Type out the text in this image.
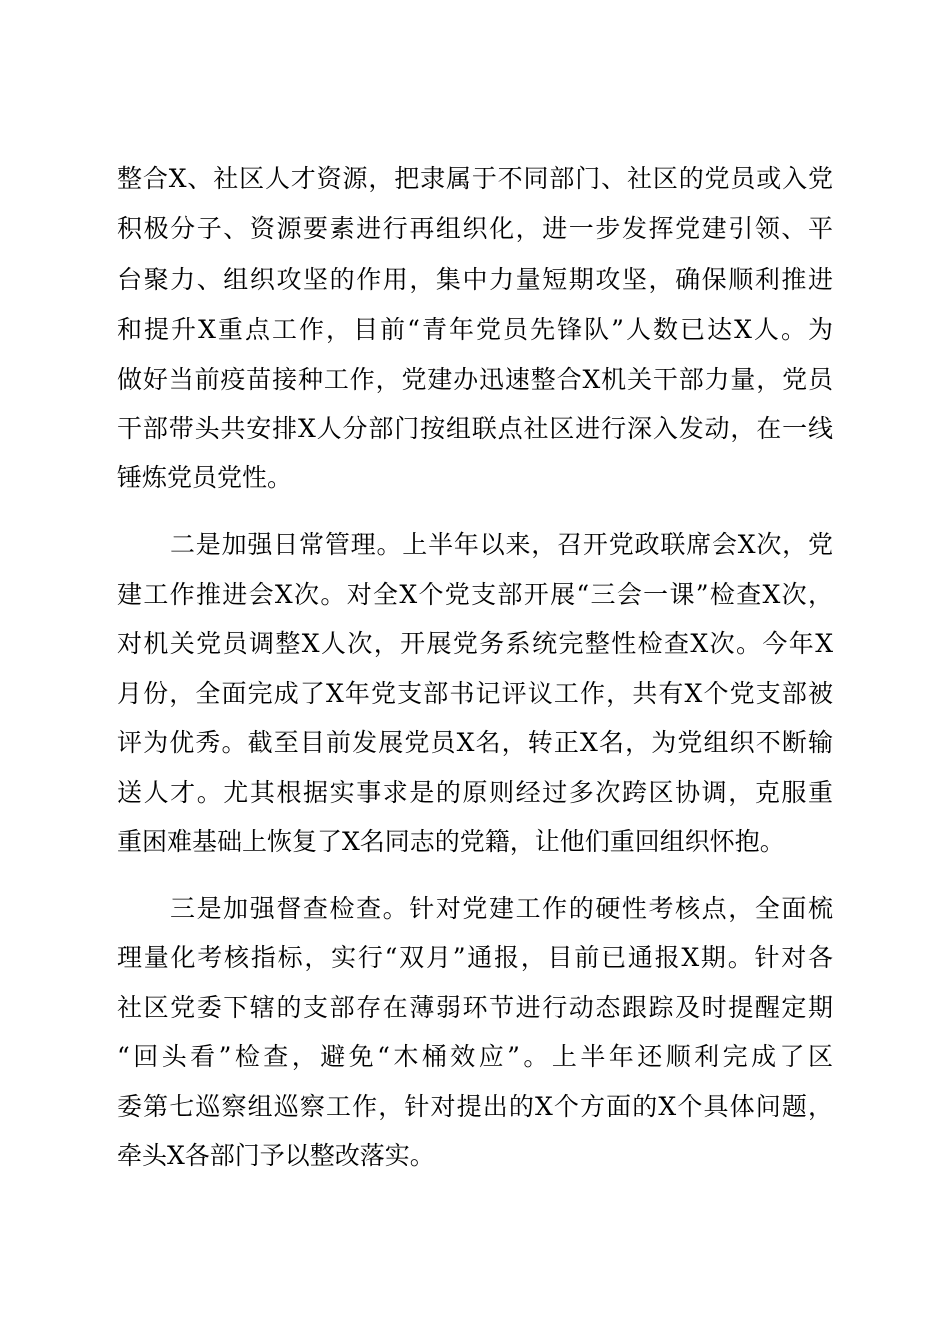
整合X、社区人才资源，把隶属于不同部门、社区的党员或入党
积极分子、资源要素进行再组织化，进一步发挥党建引领、平
台聚力、组织攻坚的作用，集中力量短期攻坚，确保顺利推进
和提升X重点工作，目前“青年党员先锋队”人数已达X人。为
做好当前疫苗接种工作，党建办迅速整合X机关干部力量，党员
干部带头共安排X人分部门按组联点社区进行深入发动，在一线
锤炼党员党性。
二是加强日常管理。上半年以来，召开党政联席会X次，党
建工作推进会X次。对全X个党支部开展“三会一课”检查X次，
对机关党员调整X人次，开展党务系统完整性检查X次。今年X
月份，全面完成了X年党支部书记评议工作，共有X个党支部被
评为优秀。截至目前发展党员X名，转正X名，为党组织不断输
送人才。尤其根据实事求是的原则经过多次跨区协调，克服重
重困难基础上恢复了X名同志的党籍，让他们重回组织怀抱。
三是加强督查检查。针对党建工作的硬性考核点，全面梳
理量化考核指标，实行“双月”通报，目前已通报X期。针对各
社区党委下辖的支部存在薄弱环节进行动态跟踪及时提醒定期
“回头看”检查，避免“木桶效应”。上半年还顺利完成了区
委第七巡察组巡察工作，针对提出的X个方面的X个具体问题，
牵头X各部门予以整改落实。
